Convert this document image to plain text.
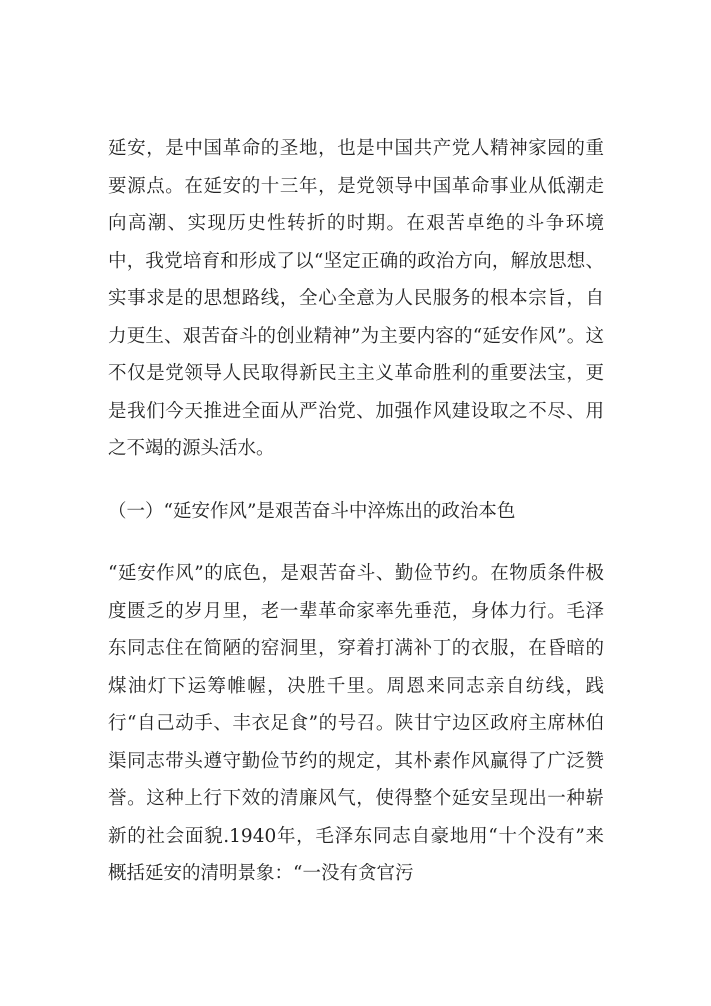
延安，是中国革命的圣地，也是中国共产党人精神家园的重要源点。在延安的十三年，是党领导中国革命事业从低潮走向高潮、实现历史性转折的时期。在艰苦卓绝的斗争环境中，我党培育和形成了以“坚定正确的政治方向，解放思想、实事求是的思想路线，全心全意为人民服务的根本宗旨，自力更生、艰苦奋斗的创业精神”为主要内容的“延安作风”。这不仅是党领导人民取得新民主主义革命胜利的重要法宝，更是我们今天推进全面从严治党、加强作风建设取之不尽、用之不竭的源头活水。

（一）“延安作风”是艰苦奋斗中淬炼出的政治本色

“延安作风”的底色，是艰苦奋斗、勤俭节约。在物质条件极度匮乏的岁月里，老一辈革命家率先垂范，身体力行。毛泽东同志住在简陋的窑洞里，穿着打满补丁的衣服，在昏暗的煤油灯下运筹帷幄，决胜千里。周恩来同志亲自纺线，践行“自己动手、丰衣足食”的号召。陕甘宁边区政府主席林伯渠同志带头遵守勤俭节约的规定，其朴素作风赢得了广泛赞誉。这种上行下效的清廉风气，使得整个延安呈现出一种崭新的社会面貌.1940年，毛泽东同志自豪地用“十个没有”来概括延安的清明景象：“一没有贪官污
